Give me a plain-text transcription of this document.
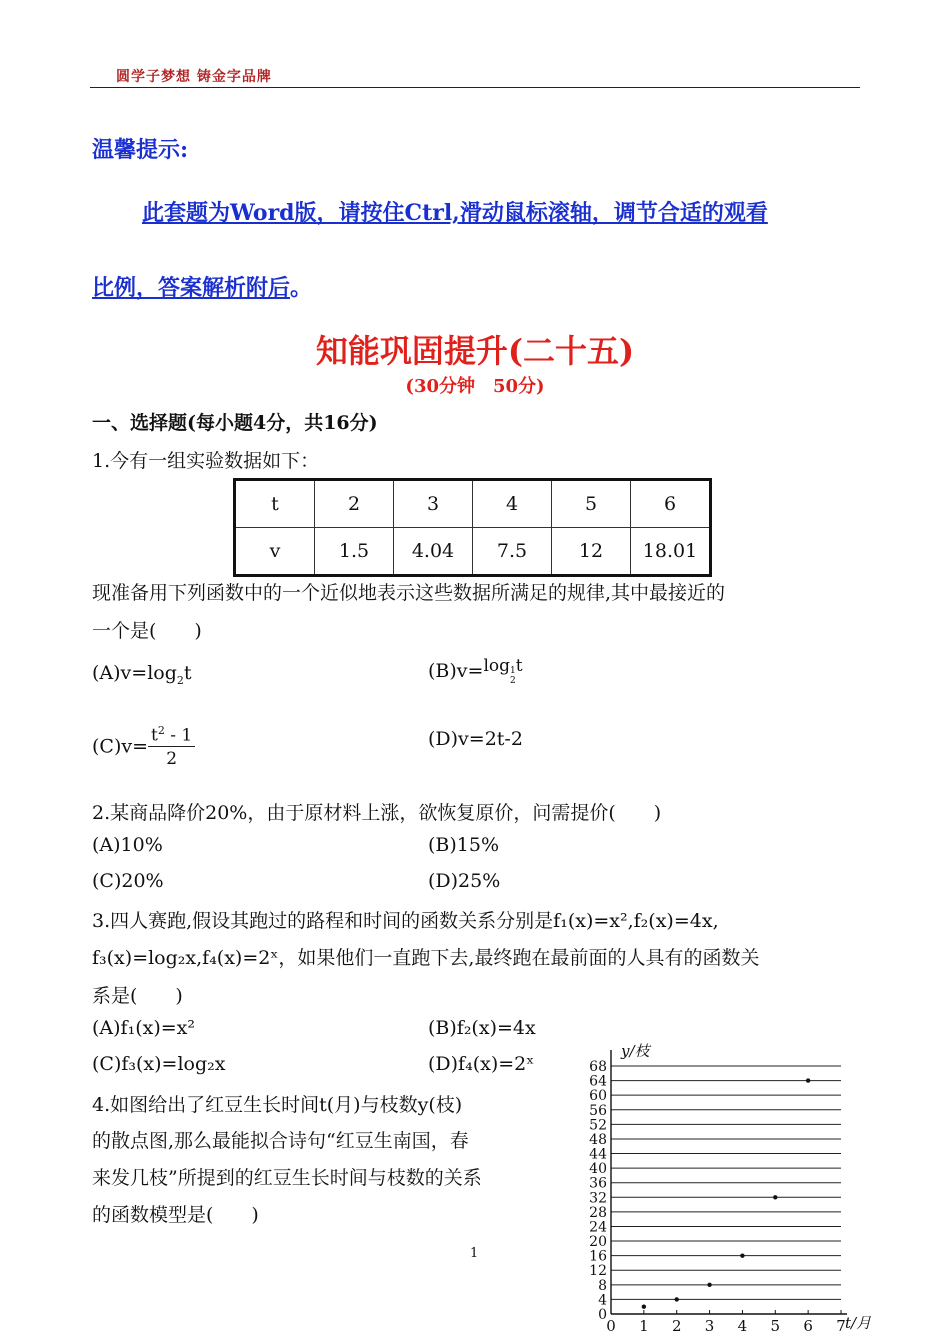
圆学子梦想 铸金字品牌
温馨提示:
此套题为Word版，请按住Ctrl,滑动鼠标滚轴，调节合适的观看
比例，答案解析附后。
知能巩固提升(二十五)
(30分钟　50分)
一、选择题(每小题4分，共16分)
1.今有一组实验数据如下：
t	2	3	4	5	6
v	1.5	4.04	7.5	12	18.01
现准备用下列函数中的一个近似地表示这些数据所满足的规律,其中最接近的
一个是(　　)
$(A)v=\log_2t$	(B)v=log 1
2
t
$(C)v= \frac{t^2 - 1}{2}$	(D)v=2t-2
2.某商品降价20%，由于原材料上涨，欲恢复原价，问需提价(　　)
(A)10%	(B)15%
(C)20%	(D)25%
3.四人赛跑,假设其跑过的路程和时间的函数关系分别是f₁(x)=x²,f₂(x)=4x,
f₃(x)=log₂x,f₄(x)=2ˣ，如果他们一直跑下去,最终跑在最前面的人具有的函数关
系是(　　)
(A)f₁(x)=x²	(B)f₂(x)=4x
(C)f₃(x)=log₂x	(D)f₄(x)=2ˣ
4.如图给出了红豆生长时间t(月)与枝数y(枝)
的散点图,那么最能拟合诗句“红豆生南国，春
来发几枝”所提到的红豆生长时间与枝数的关系
的函数模型是(　　)
1
0
4
8
12
16
20
24
28
32
36
40
44
48
52
56
60
64
68
0 1 2 3 4 5 6 7
y/枝
t/月
